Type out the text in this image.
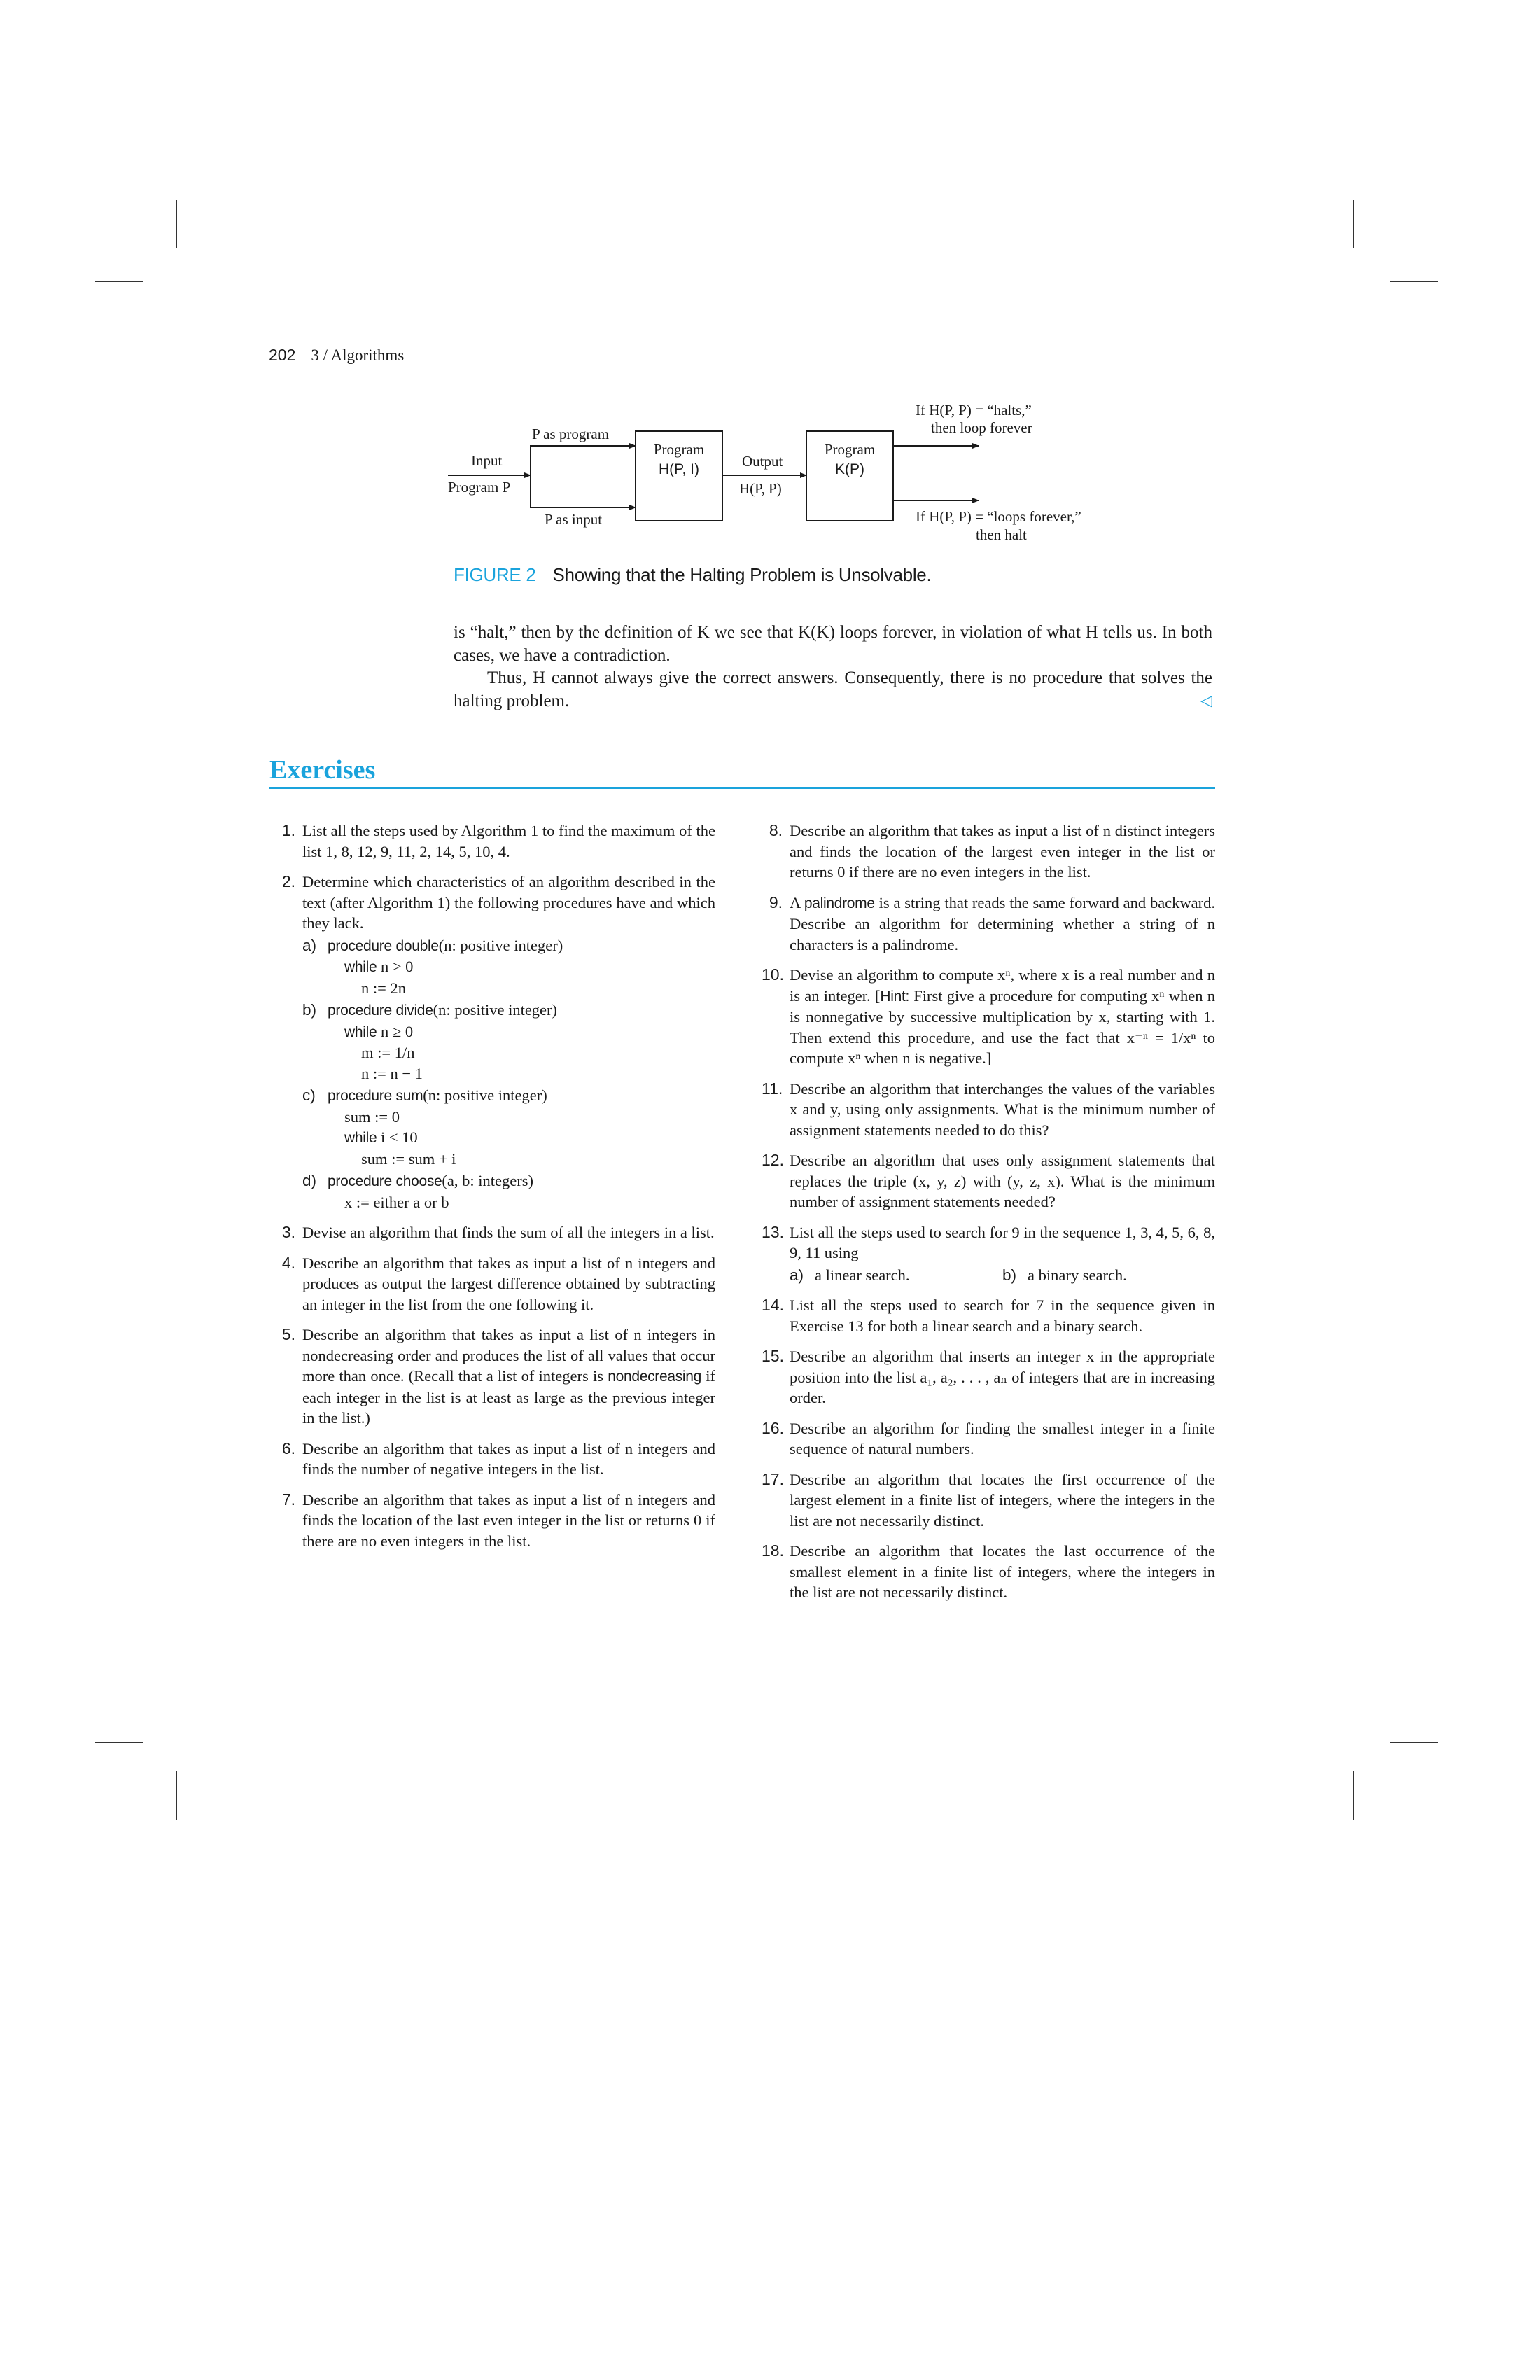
202 3 / Algorithms
Input
Program P
P as program
P as input
Program
H(P, I)	Output
H(P, P)
Program
K(P)
If H(P, P) = “halts,”
then loop forever
If H(P, P) = “loops forever,”
then halt
FIGURE 2 Showing that the Halting Problem is Unsolvable.

is “halt,” then by the definition of K we see that K(K) loops forever, in violation of what H tells us. In both cases, we have a contradiction.

Thus, H cannot always give the correct answers. Consequently, there is no procedure that solves the halting problem.	◁

Exercises
1. List all the steps used by Algorithm 1 to find the maximum of the list 1, 8, 12, 9, 11, 2, 14, 5, 10, 4.
2. Determine which characteristics of an algorithm described in the text (after Algorithm 1) the following procedures have and which they lack.
a) procedure double(n: positive integer)
while n > 0
n := 2n
b) procedure divide(n: positive integer)
while n ≥ 0
m := 1/n
n := n − 1
c) procedure sum(n: positive integer)
sum := 0
while i < 10
sum := sum + i
d) procedure choose(a, b: integers)
x := either a or b
3. Devise an algorithm that finds the sum of all the integers in a list.
4. Describe an algorithm that takes as input a list of n integers and produces as output the largest difference obtained by subtracting an integer in the list from the one following it.
5. Describe an algorithm that takes as input a list of n integers in nondecreasing order and produces the list of all values that occur more than once. (Recall that a list of integers is nondecreasing if each integer in the list is at least as large as the previous integer in the list.)
6. Describe an algorithm that takes as input a list of n integers and finds the number of negative integers in the list.
7. Describe an algorithm that takes as input a list of n integers and finds the location of the last even integer in the list or returns 0 if there are no even integers in the list.
8. Describe an algorithm that takes as input a list of n distinct integers and finds the location of the largest even integer in the list or returns 0 if there are no even integers in the list.
9. A palindrome is a string that reads the same forward and backward. Describe an algorithm for determining whether a string of n characters is a palindrome.
10. Devise an algorithm to compute xⁿ, where x is a real number and n is an integer. [Hint: First give a procedure for computing xⁿ when n is nonnegative by successive multiplication by x, starting with 1. Then extend this procedure, and use the fact that x⁻ⁿ = 1/xⁿ to compute xⁿ when n is negative.]
11. Describe an algorithm that interchanges the values of the variables x and y, using only assignments. What is the minimum number of assignment statements needed to do this?
12. Describe an algorithm that uses only assignment statements that replaces the triple (x, y, z) with (y, z, x). What is the minimum number of assignment statements needed?
13. List all the steps used to search for 9 in the sequence 1, 3, 4, 5, 6, 8, 9, 11 using
a) a linear search.	b) a binary search.
14. List all the steps used to search for 7 in the sequence given in Exercise 13 for both a linear search and a binary search.
15. Describe an algorithm that inserts an integer x in the appropriate position into the list a₁, a₂, . . . , aₙ of integers that are in increasing order.
16. Describe an algorithm for finding the smallest integer in a finite sequence of natural numbers.
17. Describe an algorithm that locates the first occurrence of the largest element in a finite list of integers, where the integers in the list are not necessarily distinct.
18. Describe an algorithm that locates the last occurrence of the smallest element in a finite list of integers, where the integers in the list are not necessarily distinct.
